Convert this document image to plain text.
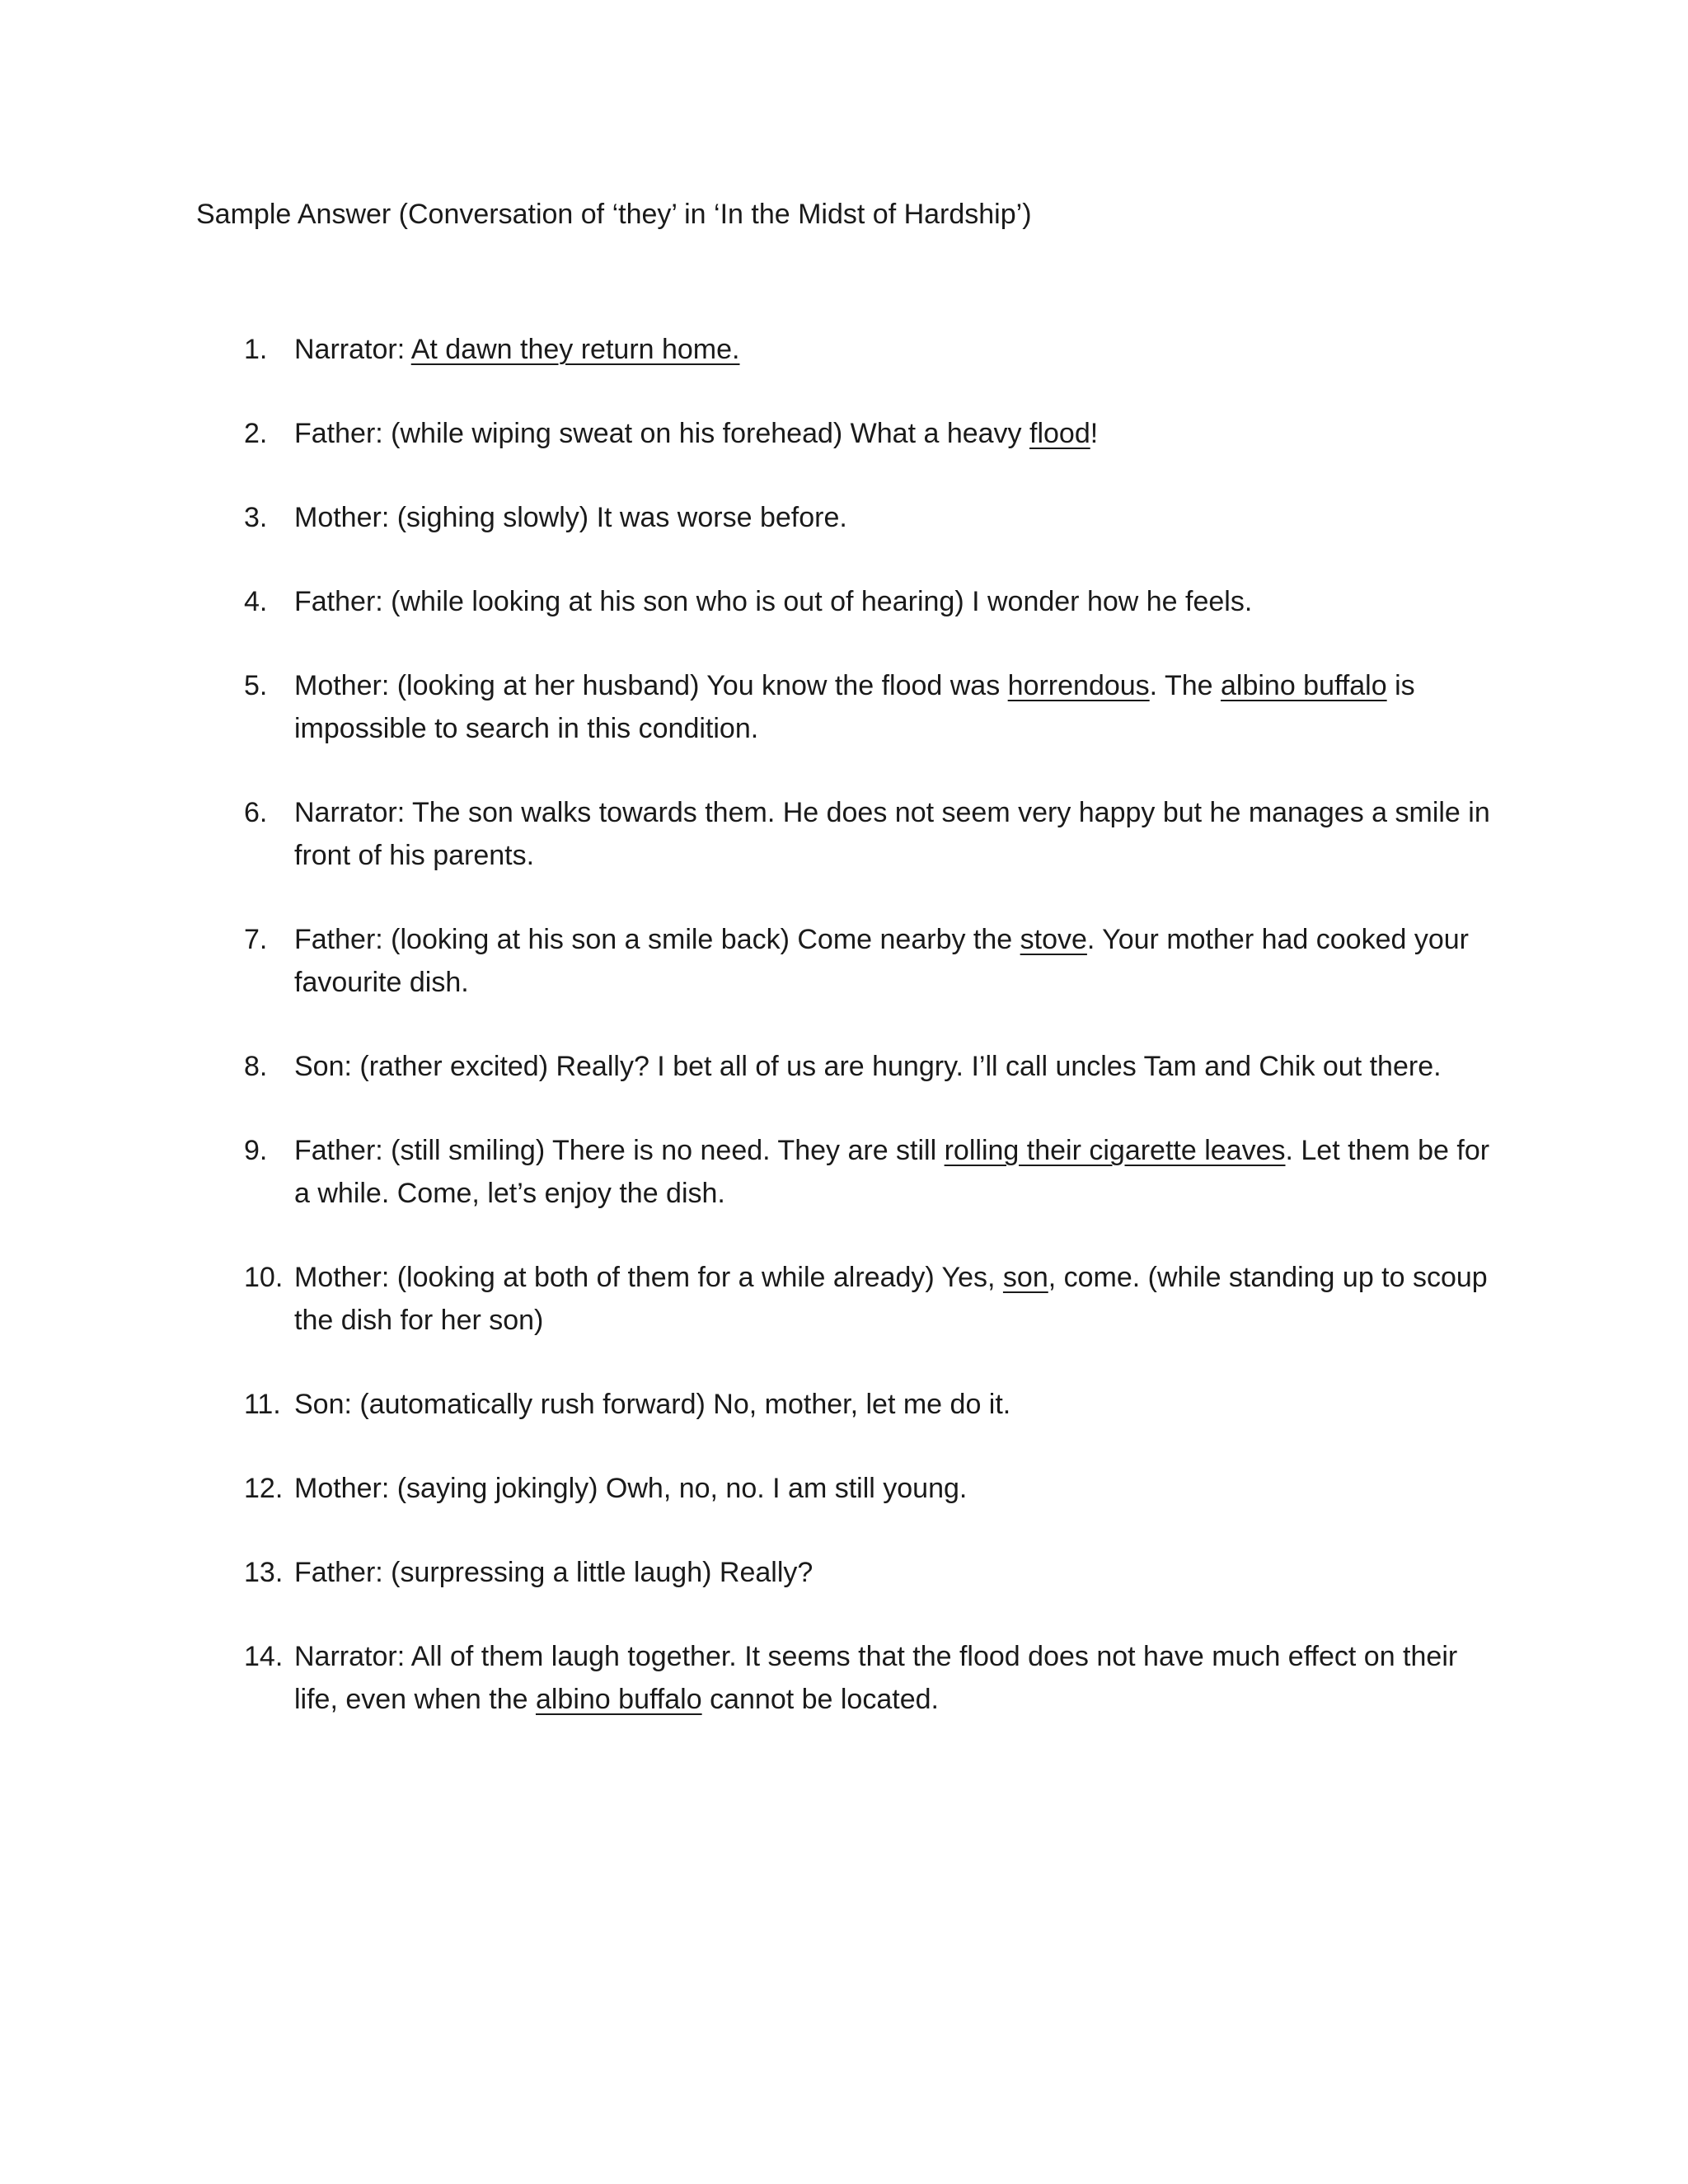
Sample Answer (Conversation of ‘they’ in ‘In the Midst of Hardship’)
1. Narrator: At dawn they return home.
2. Father: (while wiping sweat on his forehead) What a heavy flood!
3. Mother: (sighing slowly) It was worse before.
4. Father: (while looking at his son who is out of hearing) I wonder how he feels.
5. Mother: (looking at her husband) You know the flood was horrendous. The albino buffalo is impossible to search in this condition.
6. Narrator: The son walks towards them. He does not seem very happy but he manages a smile in front of his parents.
7. Father: (looking at his son a smile back) Come nearby the stove. Your mother had cooked your favourite dish.
8. Son: (rather excited) Really? I bet all of us are hungry. I’ll call uncles Tam and Chik out there.
9. Father: (still smiling) There is no need. They are still rolling their cigarette leaves. Let them be for a while. Come, let’s enjoy the dish.
10. Mother: (looking at both of them for a while already) Yes, son, come. (while standing up to scoup the dish for her son)
11. Son: (automatically rush forward) No, mother, let me do it.
12. Mother: (saying jokingly) Owh, no, no. I am still young.
13. Father: (surpressing a little laugh) Really?
14. Narrator: All of them laugh together. It seems that the flood does not have much effect on their life, even when the albino buffalo cannot be located.
